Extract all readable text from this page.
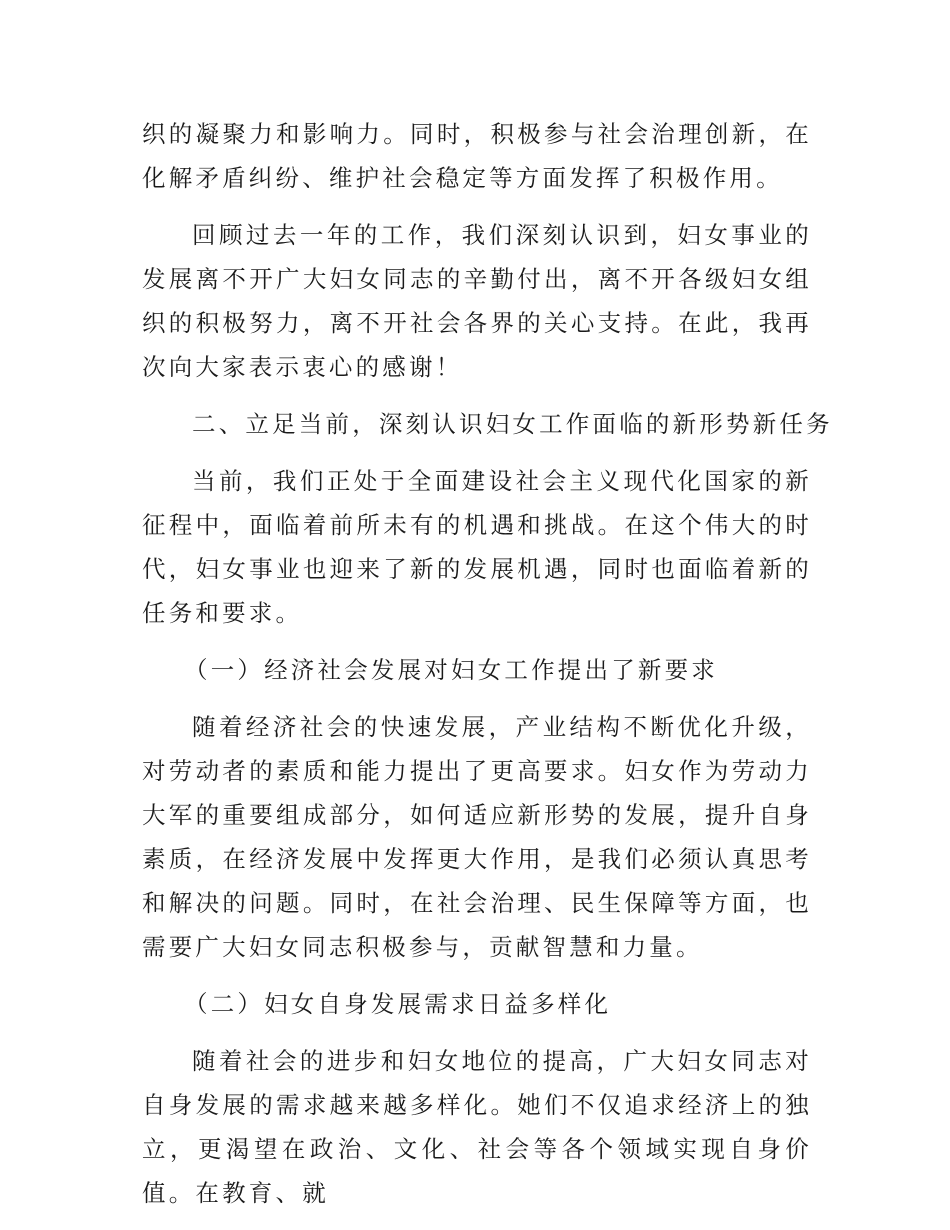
织的凝聚力和影响力。同时，积极参与社会治理创新，在化解矛盾纠纷、维护社会稳定等方面发挥了积极作用。

回顾过去一年的工作，我们深刻认识到，妇女事业的发展离不开广大妇女同志的辛勤付出，离不开各级妇女组织的积极努力，离不开社会各界的关心支持。在此，我再次向大家表示衷心的感谢！

二、立足当前，深刻认识妇女工作面临的新形势新任务

当前，我们正处于全面建设社会主义现代化国家的新征程中，面临着前所未有的机遇和挑战。在这个伟大的时代，妇女事业也迎来了新的发展机遇，同时也面临着新的任务和要求。

（一）经济社会发展对妇女工作提出了新要求

随着经济社会的快速发展，产业结构不断优化升级，对劳动者的素质和能力提出了更高要求。妇女作为劳动力大军的重要组成部分，如何适应新形势的发展，提升自身素质，在经济发展中发挥更大作用，是我们必须认真思考和解决的问题。同时，在社会治理、民生保障等方面，也需要广大妇女同志积极参与，贡献智慧和力量。

（二）妇女自身发展需求日益多样化

随着社会的进步和妇女地位的提高，广大妇女同志对自身发展的需求越来越多样化。她们不仅追求经济上的独立，更渴望在政治、文化、社会等各个领域实现自身价值。在教育、就
